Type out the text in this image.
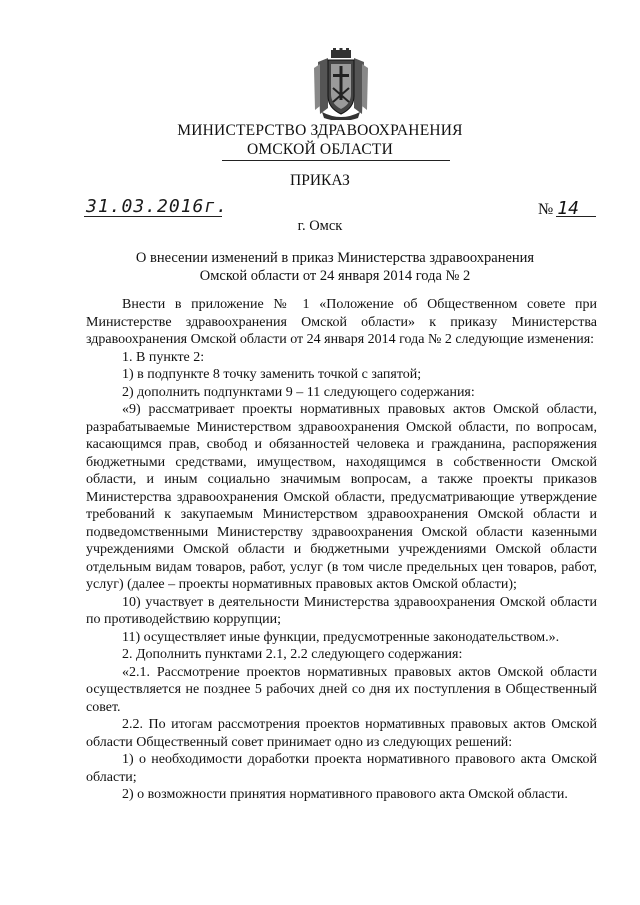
МИНИСТЕРСТВО ЗДРАВООХРАНЕНИЯ
ОМСКОЙ ОБЛАСТИ
ПРИКАЗ
31.03.2016г.	№ 14
г. Омск
О внесении изменений в приказ Министерства здравоохранения
Омской области от 24 января 2014 года № 2

Внести в приложение № 1 «Положение об Общественном совете при Министерстве здравоохранения Омской области» к приказу Министерства здравоохранения Омской области от 24 января 2014 года № 2 следующие изменения:

1. В пункте 2:

1) в подпункте 8 точку заменить точкой с запятой;

2) дополнить подпунктами 9 – 11 следующего содержания:

«9) рассматривает проекты нормативных правовых актов Омской области, разрабатываемые Министерством здравоохранения Омской области, по вопросам, касающимся прав, свобод и обязанностей человека и гражданина, распоряжения бюджетными средствами, имуществом, находящимся в собственности Омской области, и иным социально значимым вопросам, а также проекты приказов Министерства здравоохранения Омской области, предусматривающие утверждение требований к закупаемым Министерством здравоохранения Омской области и подведомственными Министерству здравоохранения Омской области казенными учреждениями Омской области и бюджетными учреждениями Омской области отдельным видам товаров, работ, услуг (в том числе предельных цен товаров, работ, услуг) (далее – проекты нормативных правовых актов Омской области);

10) участвует в деятельности Министерства здравоохранения Омской области по противодействию коррупции;

11) осуществляет иные функции, предусмотренные законодательством.».

2. Дополнить пунктами 2.1, 2.2 следующего содержания:

«2.1. Рассмотрение проектов нормативных правовых актов Омской области осуществляется не позднее 5 рабочих дней со дня их поступления в Общественный совет.

2.2. По итогам рассмотрения проектов нормативных правовых актов Омской области Общественный совет принимает одно из следующих решений:

1) о необходимости доработки проекта нормативного правового акта Омской области;

2) о возможности принятия нормативного правового акта Омской области.
